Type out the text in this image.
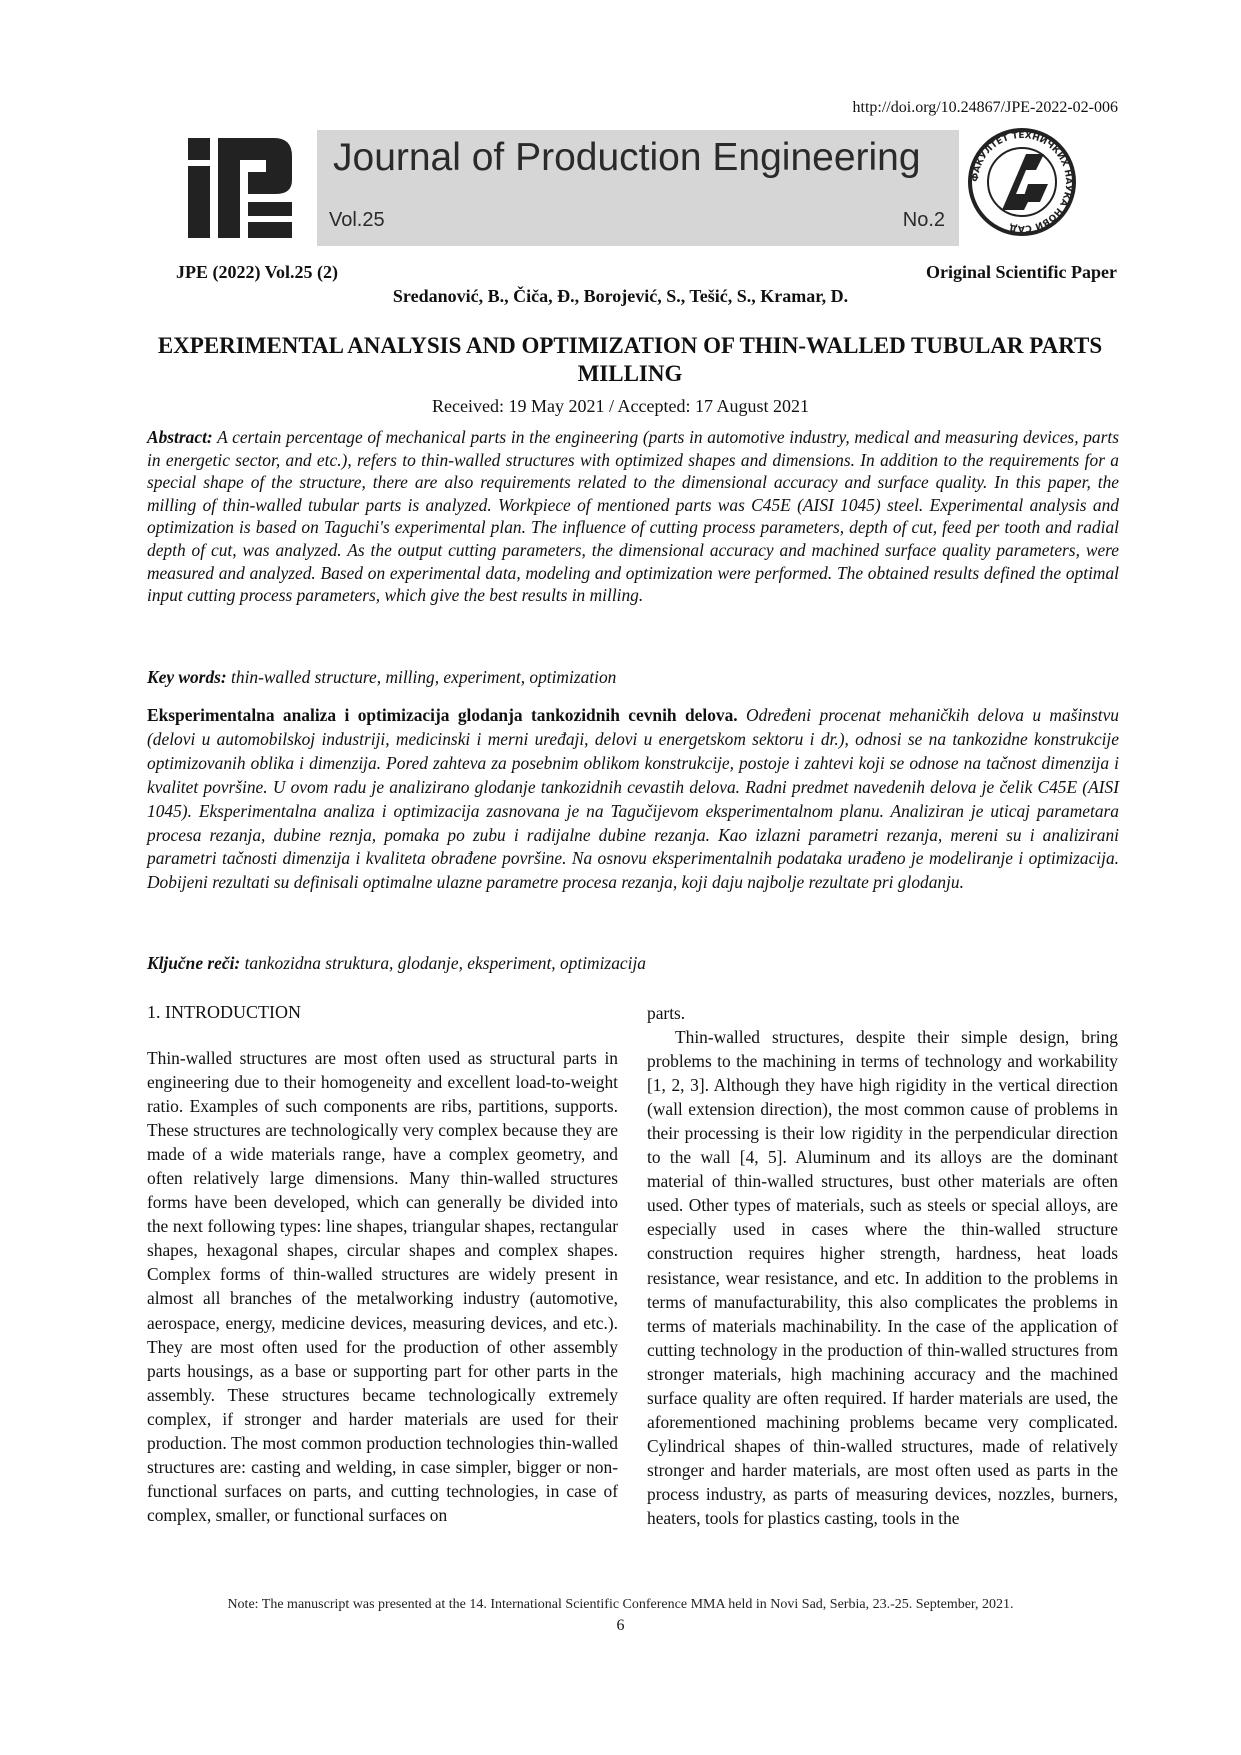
http://doi.org/10.24867/JPE-2022-02-006
Journal of Production Engineering
Vol.25	No.2
ФАКУЛТЕТ ТЕХНИЧКИХ НАУКА НОВИ САД
JPE (2022) Vol.25 (2)	Original Scientific Paper
Sredanović, B., Čiča, Đ., Borojević, S., Tešić, S., Kramar, D.
EXPERIMENTAL ANALYSIS AND OPTIMIZATION OF THIN-WALLED TUBULAR PARTS MILLING
Received: 19 May 2021 / Accepted: 17 August 2021
Abstract: A certain percentage of mechanical parts in the engineering (parts in automotive industry, medical and measuring devices, parts in energetic sector, and etc.), refers to thin-walled structures with optimized shapes and dimensions. In addition to the requirements for a special shape of the structure, there are also requirements related to the dimensional accuracy and surface quality. In this paper, the milling of thin-walled tubular parts is analyzed. Workpiece of mentioned parts was C45E (AISI 1045) steel. Experimental analysis and optimization is based on Taguchi's experimental plan. The influence of cutting process parameters, depth of cut, feed per tooth and radial depth of cut, was analyzed. As the output cutting parameters, the dimensional accuracy and machined surface quality parameters, were measured and analyzed. Based on experimental data, modeling and optimization were performed. The obtained results defined the optimal input cutting process parameters, which give the best results in milling.
Key words: thin-walled structure, milling, experiment, optimization
Eksperimentalna analiza i optimizacija glodanja tankozidnih cevnih delova. Određeni procenat mehaničkih delova u mašinstvu (delovi u automobilskoj industriji, medicinski i merni uređaji, delovi u energetskom sektoru i dr.), odnosi se na tankozidne konstrukcije optimizovanih oblika i dimenzija. Pored zahteva za posebnim oblikom konstrukcije, postoje i zahtevi koji se odnose na tačnost dimenzija i kvalitet površine. U ovom radu je analizirano glodanje tankozidnih cevastih delova. Radni predmet navedenih delova je čelik C45E (AISI 1045). Eksperimentalna analiza i optimizacija zasnovana je na Tagučijevom eksperimentalnom planu. Analiziran je uticaj parametara procesa rezanja, dubine reznja, pomaka po zubu i radijalne dubine rezanja. Kao izlazni parametri rezanja, mereni su i analizirani parametri tačnosti dimenzija i kvaliteta obrađene površine. Na osnovu eksperimentalnih podataka urađeno je modeliranje i optimizacija. Dobijeni rezultati su definisali optimalne ulazne parametre procesa rezanja, koji daju najbolje rezultate pri glodanju.
Ključne reči: tankozidna struktura, glodanje, eksperiment, optimizacija
1. INTRODUCTION
Thin-walled structures are most often used as structural parts in engineering due to their homogeneity and excellent load-to-weight ratio. Examples of such components are ribs, partitions, supports. These structures are technologically very complex because they are made of a wide materials range, have a complex geometry, and often relatively large dimensions. Many thin-walled structures forms have been developed, which can generally be divided into the next following types: line shapes, triangular shapes, rectangular shapes, hexagonal shapes, circular shapes and complex shapes. Complex forms of thin-walled structures are widely present in almost all branches of the metalworking industry (automotive, aerospace, energy, medicine devices, measuring devices, and etc.). They are most often used for the production of other assembly parts housings, as a base or supporting part for other parts in the assembly. These structures became technologically extremely complex, if stronger and harder materials are used for their production. The most common production technologies thin-walled structures are: casting and welding, in case simpler, bigger or non-functional surfaces on parts, and cutting technologies, in case of complex, smaller, or functional surfaces on
parts.
Thin-walled structures, despite their simple design, bring problems to the machining in terms of technology and workability [1, 2, 3]. Although they have high rigidity in the vertical direction (wall extension direction), the most common cause of problems in their processing is their low rigidity in the perpendicular direction to the wall [4, 5]. Aluminum and its alloys are the dominant material of thin-walled structures, bust other materials are often used. Other types of materials, such as steels or special alloys, are especially used in cases where the thin-walled structure construction requires higher strength, hardness, heat loads resistance, wear resistance, and etc. In addition to the problems in terms of manufacturability, this also complicates the problems in terms of materials machinability. In the case of the application of cutting technology in the production of thin-walled structures from stronger materials, high machining accuracy and the machined surface quality are often required. If harder materials are used, the aforementioned machining problems became very complicated. Cylindrical shapes of thin-walled structures, made of relatively stronger and harder materials, are most often used as parts in the process industry, as parts of measuring devices, nozzles, burners, heaters, tools for plastics casting, tools in the
Note: The manuscript was presented at the 14. International Scientific Conference MMA held in Novi Sad, Serbia, 23.-25. September, 2021.
6
